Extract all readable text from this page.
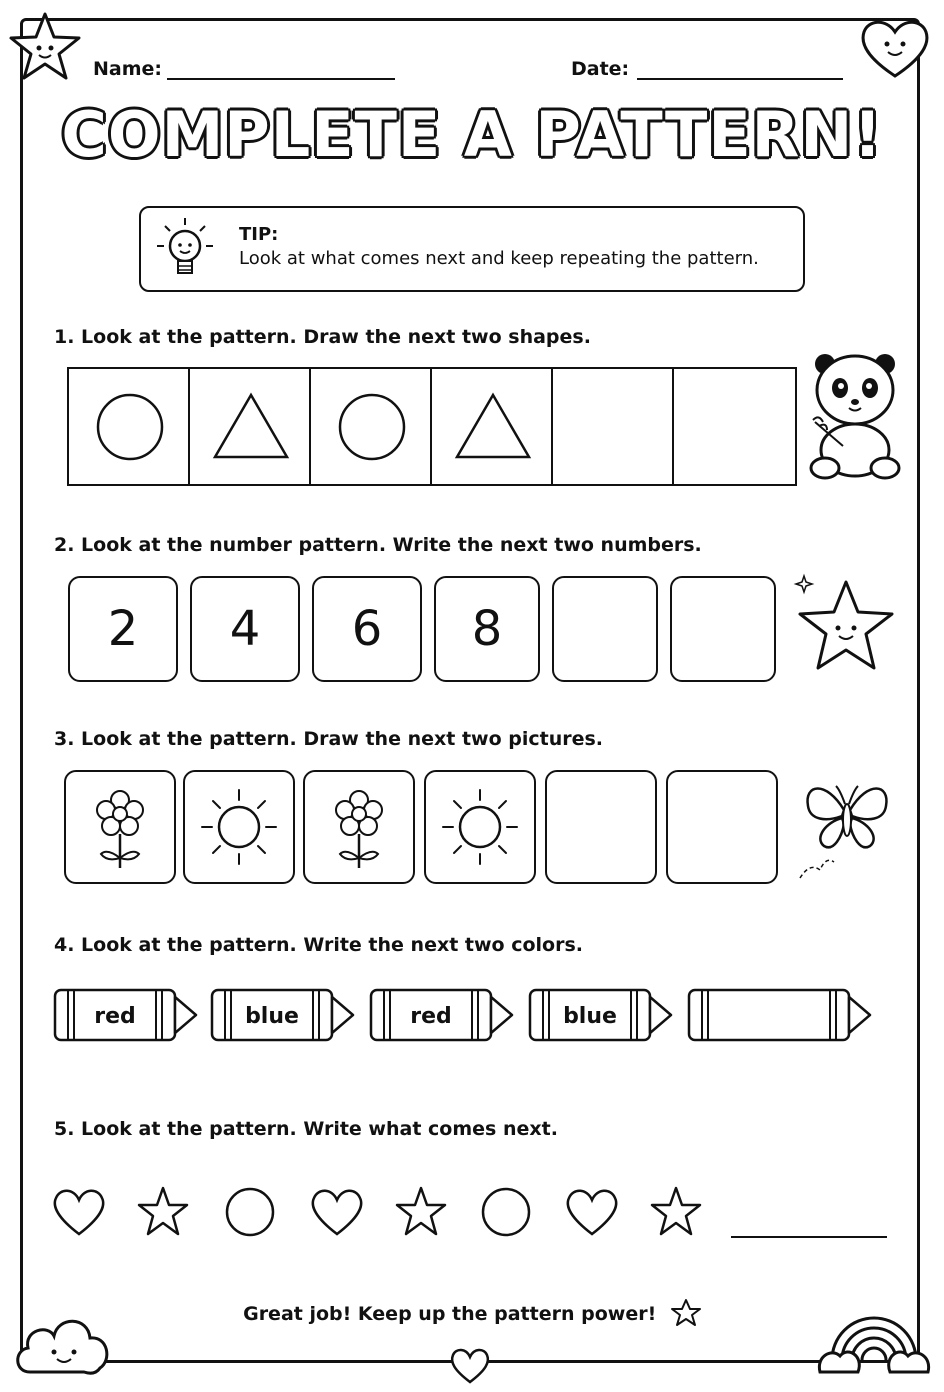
Name:	Date:
COMPLETE A PATTERN!
TIP:
Look at what comes next and keep repeating the pattern.
1. Look at the pattern. Draw the next two shapes.
2. Look at the number pattern. Write the next two numbers.
2	4	6	8
3. Look at the pattern. Draw the next two pictures.
4. Look at the pattern. Write the next two colors.
red	blue	red	blue
5. Look at the pattern. Write what comes next.
Great job! Keep up the pattern power!
